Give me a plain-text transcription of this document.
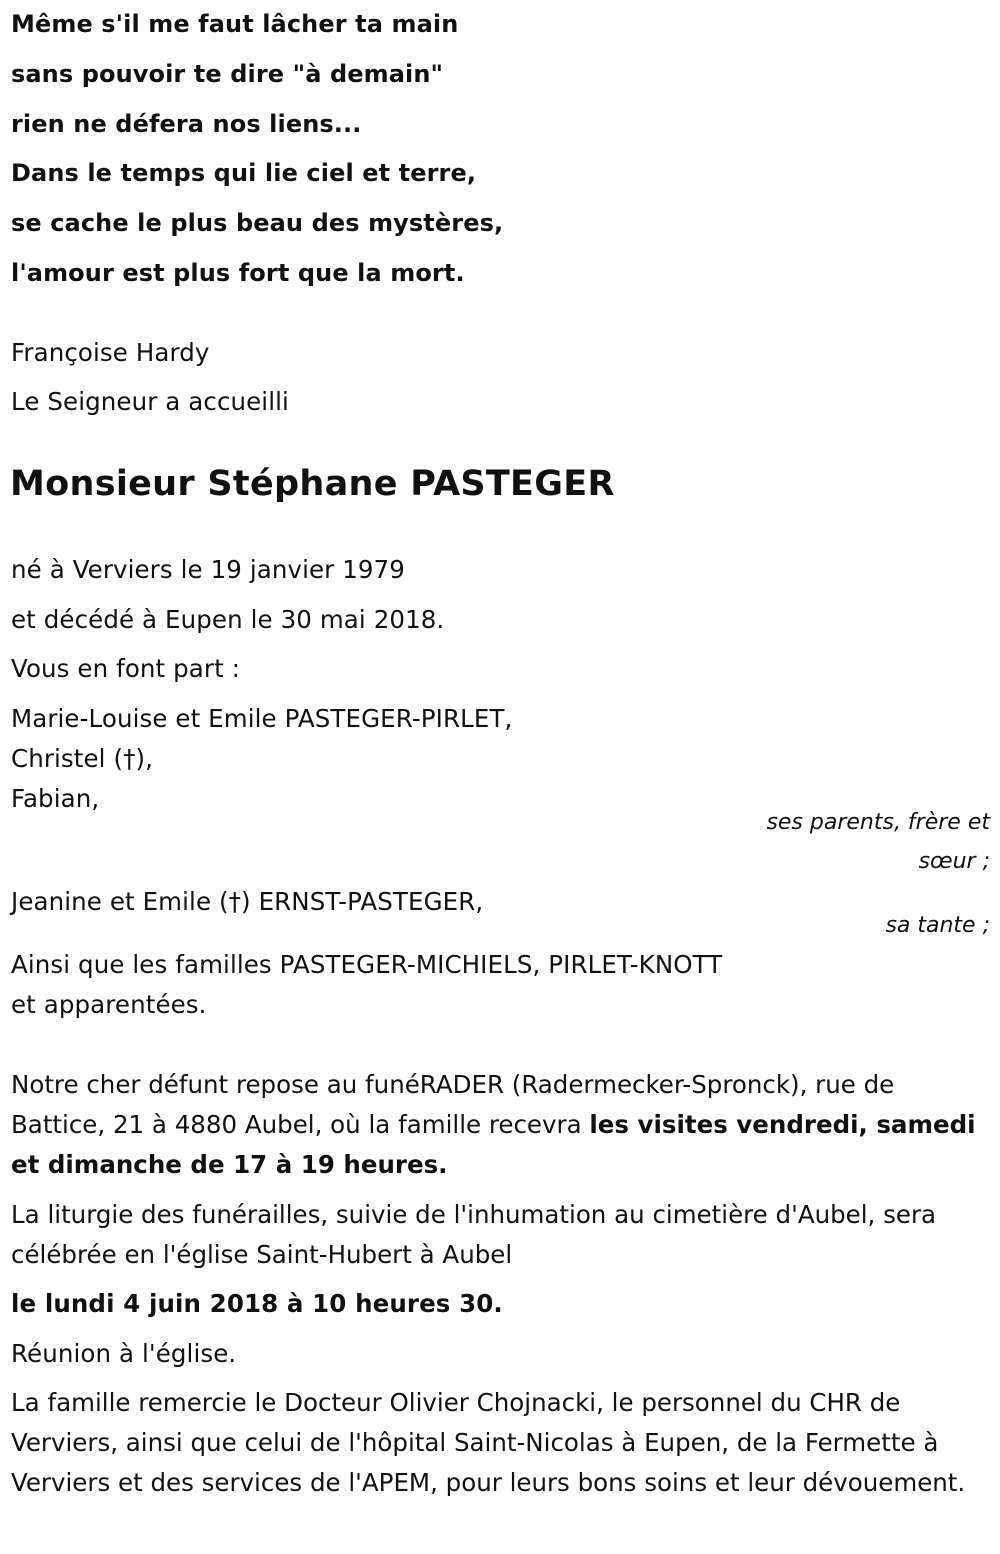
Même s'il me faut lâcher ta main

sans pouvoir te dire "à demain"

rien ne défera nos liens...

Dans le temps qui lie ciel et terre,

se cache le plus beau des mystères,

l'amour est plus fort que la mort.

Françoise Hardy

Le Seigneur a accueilli

Monsieur Stéphane PASTEGER

né à Verviers le 19 janvier 1979

et décédé à Eupen le 30 mai 2018.

Vous en font part :

Marie-Louise et Emile PASTEGER-PIRLET,

Christel (†),

Fabian,

ses parents, frère et

sœur ;

Jeanine et Emile (†) ERNST-PASTEGER,

sa tante ;

Ainsi que les familles PASTEGER-MICHIELS, PIRLET-KNOTT

et apparentées.

Notre cher défunt repose au funéRADER (Radermecker-Spronck), rue de Battice, 21 à 4880 Aubel, où la famille recevra les visites vendredi, samedi et dimanche de 17 à 19 heures.

La liturgie des funérailles, suivie de l'inhumation au cimetière d'Aubel, sera célébrée en l'église Saint-Hubert à Aubel

le lundi 4 juin 2018 à 10 heures 30.

Réunion à l'église.

La famille remercie le Docteur Olivier Chojnacki, le personnel du CHR de Verviers, ainsi que celui de l'hôpital Saint-Nicolas à Eupen, de la Fermette à Verviers et des services de l'APEM, pour leurs bons soins et leur dévouement.
